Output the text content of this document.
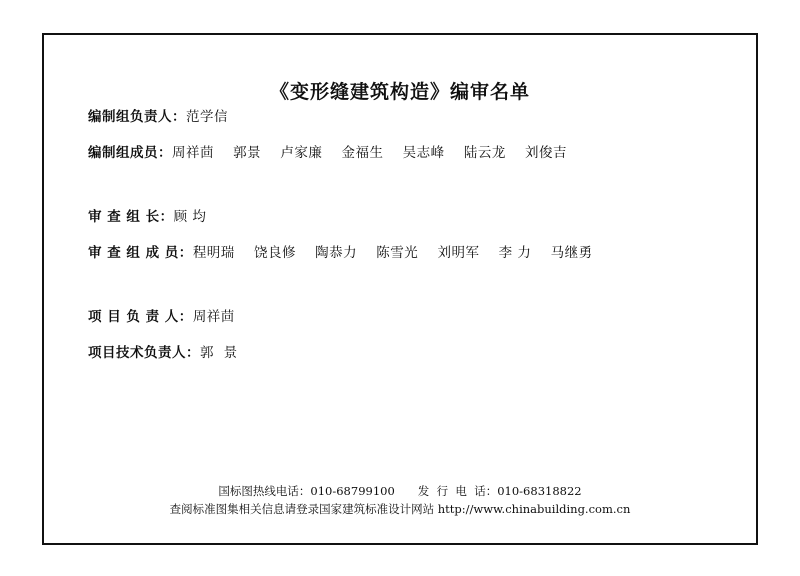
《变形缝建筑构造》编审名单
编制组负责人： 范学信
编制组成员： 周祥茴    郭景    卢家廉    金福生    吴志峰    陆云龙    刘俊吉
审 查 组 长： 顾 均
审 查 组 成 员： 程明瑞    饶良修    陶恭力    陈雪光    刘明军    李 力    马继勇
项 目 负 责 人： 周祥茴
项目技术负责人： 郭  景
国标图热线电话：010-68799100　　 发  行  电  话：010-68318822
查阅标准图集相关信息请登录国家建筑标准设计网站 http://www.chinabuilding.com.cn
